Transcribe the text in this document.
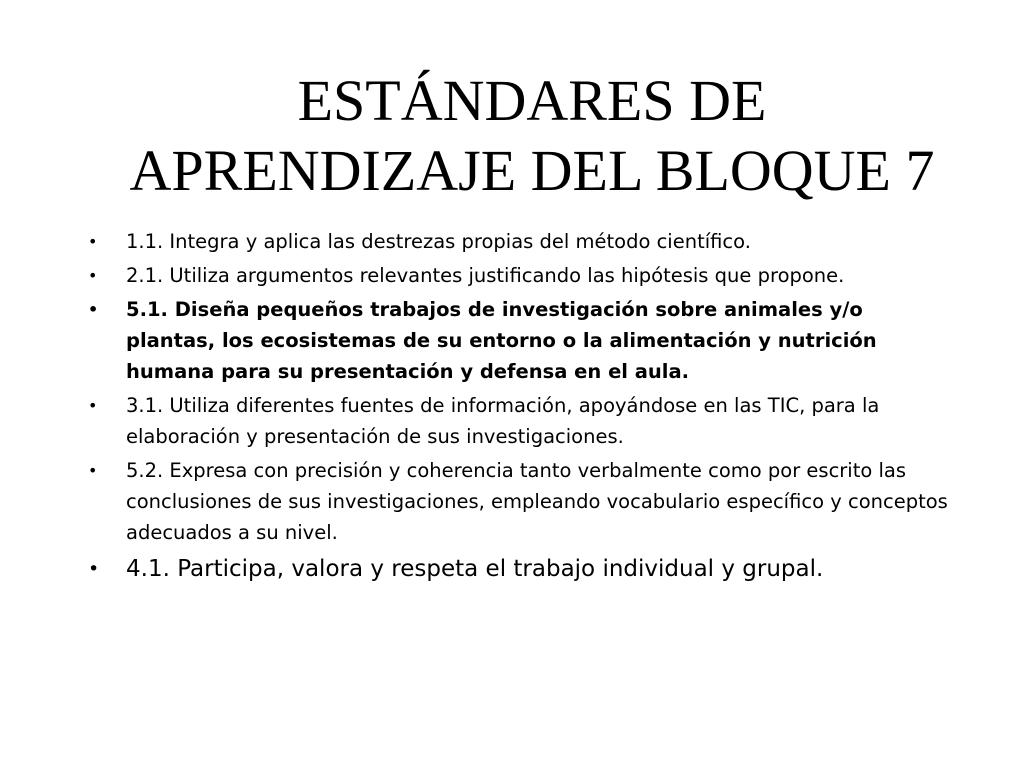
ESTÁNDARES DE
APRENDIZAJE DEL BLOQUE 7
• 1.1. Integra y aplica las destrezas propias del método científico.
• 2.1. Utiliza argumentos relevantes justificando las hipótesis que propone.
• 5.1. Diseña pequeños trabajos de investigación sobre animales y/o plantas, los ecosistemas de su entorno o la alimentación y nutrición humana para su presentación y defensa en el aula.
• 3.1. Utiliza diferentes fuentes de información, apoyándose en las TIC, para la elaboración y presentación de sus investigaciones.
• 5.2. Expresa con precisión y coherencia tanto verbalmente como por escrito las conclusiones de sus investigaciones, empleando vocabulario específico y conceptos adecuados a su nivel.
• 4.1. Participa, valora y respeta el trabajo individual y grupal.
